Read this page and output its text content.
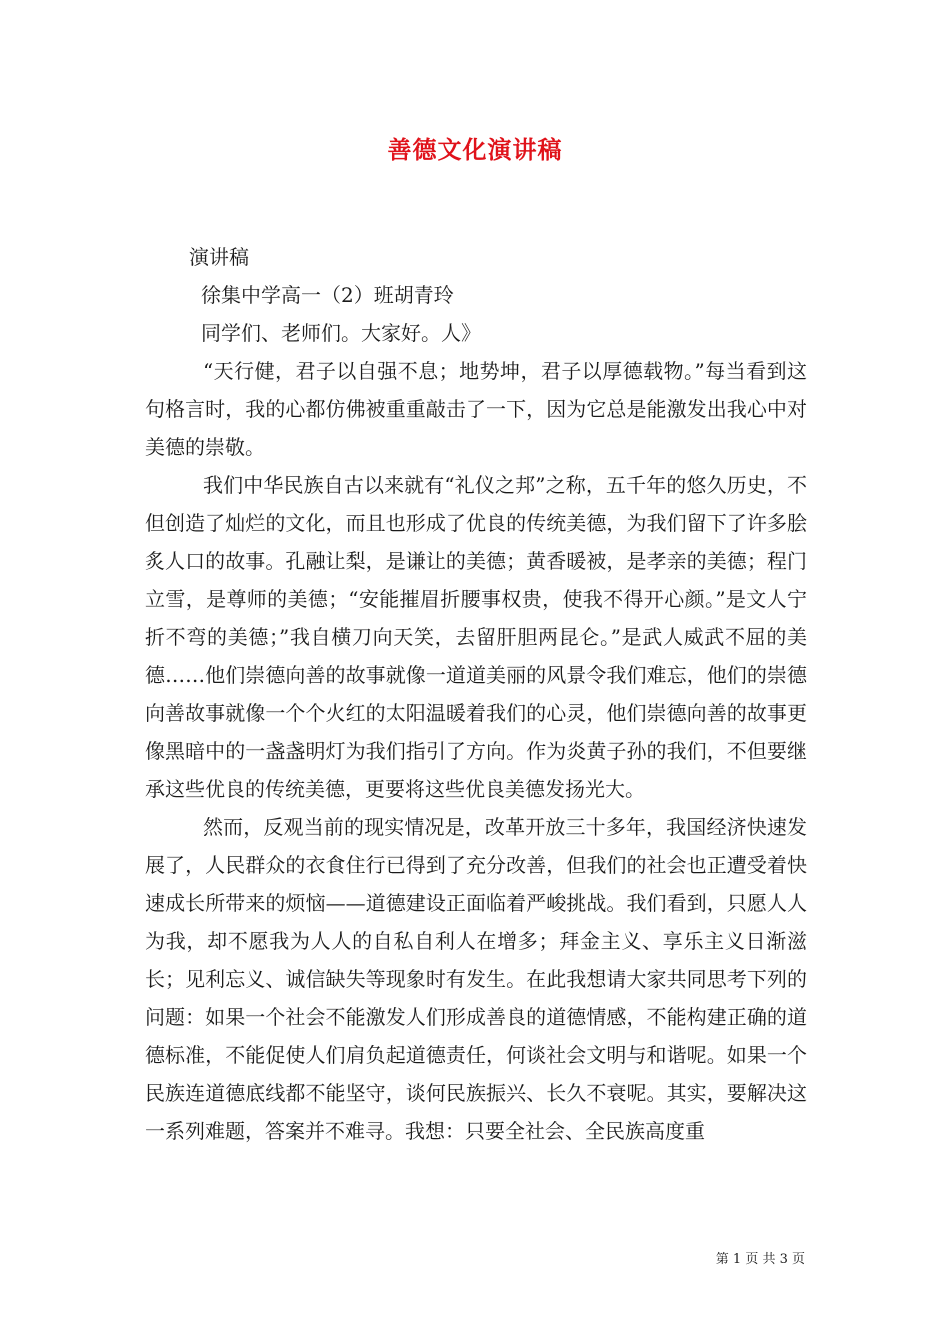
善德文化演讲稿

演讲稿

徐集中学高一（2）班胡青玲

同学们、老师们。大家好。人》

“天行健，君子以自强不息；地势坤，君子以厚德载物。”每当看到这句格言时，我的心都仿佛被重重敲击了一下，因为它总是能激发出我心中对美德的崇敬。

我们中华民族自古以来就有“礼仪之邦”之称，五千年的悠久历史，不但创造了灿烂的文化，而且也形成了优良的传统美德，为我们留下了许多脍炙人口的故事。孔融让梨，是谦让的美德；黄香暖被，是孝亲的美德；程门立雪，是尊师的美德；“安能摧眉折腰事权贵，使我不得开心颜。”是文人宁折不弯的美德；”我自横刀向天笑，去留肝胆两昆仑。”是武人威武不屈的美德……他们崇德向善的故事就像一道道美丽的风景令我们难忘，他们的崇德向善故事就像一个个火红的太阳温暖着我们的心灵，他们崇德向善的故事更像黑暗中的一盏盏明灯为我们指引了方向。作为炎黄子孙的我们，不但要继承这些优良的传统美德，更要将这些优良美德发扬光大。

然而，反观当前的现实情况是，改革开放三十多年，我国经济快速发展了，人民群众的衣食住行已得到了充分改善，但我们的社会也正遭受着快速成长所带来的烦恼——道德建设正面临着严峻挑战。我们看到，只愿人人为我，却不愿我为人人的自私自利人在增多；拜金主义、享乐主义日渐滋长；见利忘义、诚信缺失等现象时有发生。在此我想请大家共同思考下列的问题：如果一个社会不能激发人们形成善良的道德情感，不能构建正确的道德标准，不能促使人们肩负起道德责任，何谈社会文明与和谐呢。如果一个民族连道德底线都不能坚守，谈何民族振兴、长久不衰呢。其实，要解决这一系列难题，答案并不难寻。我想：只要全社会、全民族高度重

第 1 页 共 3 页
